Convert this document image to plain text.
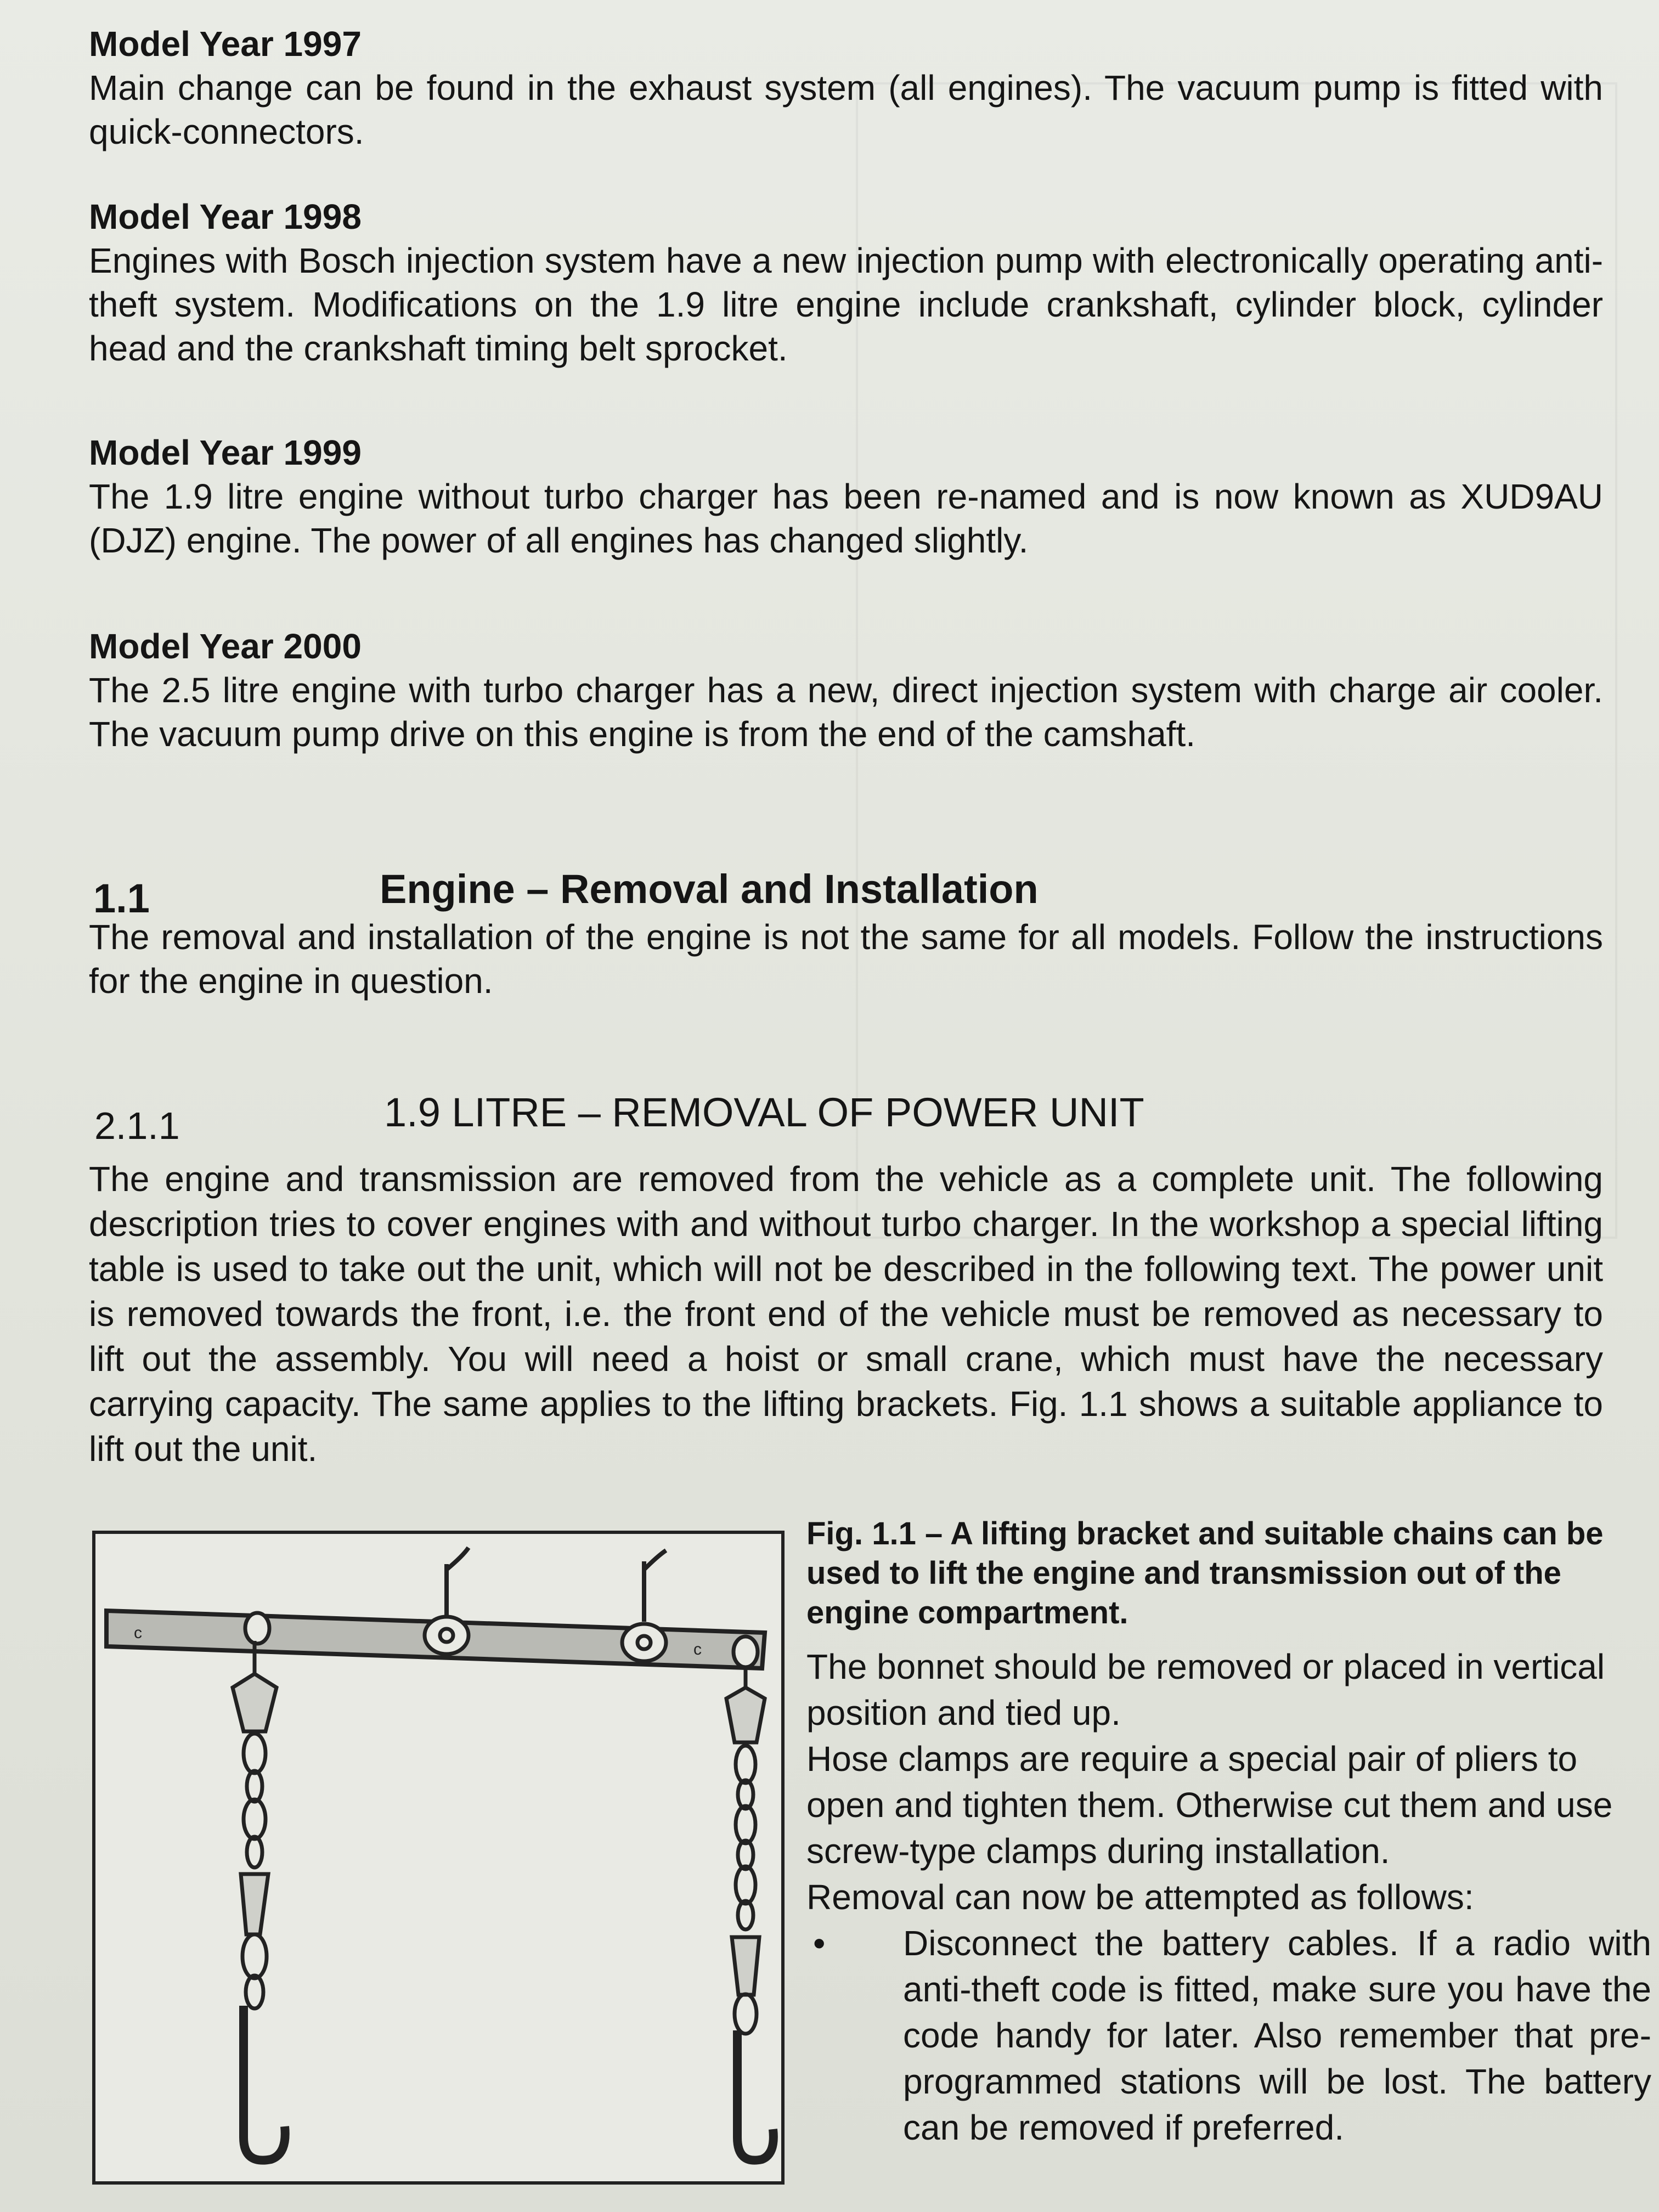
Model Year 1997

Main change can be found in the exhaust system (all engines). The vacuum pump is fitted with quick-connectors.

Model Year 1998

Engines with Bosch injection system have a new injection pump with electronically operating anti-theft system. Modifications on the 1.9 litre engine include crankshaft, cylinder block, cylinder head and the crankshaft timing belt sprocket.

Model Year 1999

The 1.9 litre engine without turbo charger has been re-named and is now known as XUD9AU (DJZ) engine. The power of all engines has changed slightly.

Model Year 2000

The 2.5 litre engine with turbo charger has a new, direct injection system with charge air cooler. The vacuum pump drive on this engine is from the end of the camshaft.

1.1	Engine – Removal and Installation

The removal and installation of the engine is not the same for all models. Follow the instructions for the engine in question.

2.1.1	1.9 LITRE – REMOVAL OF POWER UNIT

The engine and transmission are removed from the vehicle as a complete unit. The following description tries to cover engines with and without turbo charger. In the workshop a special lifting table is used to take out the unit, which will not be described in the following text. The power unit is removed towards the front, i.e. the front end of the vehicle must be removed as necessary to lift out the assembly. You will need a hoist or small crane, which must have the necessary carrying capacity. The same applies to the lifting brackets. Fig. 1.1 shows a suitable appliance to lift out the unit.

c
c

Fig. 1.1 – A lifting bracket and suitable chains can be used to lift the engine and transmission out of the engine compartment.

The bonnet should be removed or placed in vertical position and tied up.

Hose clamps are require a special pair of pliers to open and tighten them. Otherwise cut them and use screw-type clamps during installation.

Removal can now be attempted as follows:

• Disconnect the battery cables. If a radio with anti-theft code is fitted, make sure you have the code handy for later. Also remember that pre-programmed stations will be lost. The battery can be removed if preferred.
